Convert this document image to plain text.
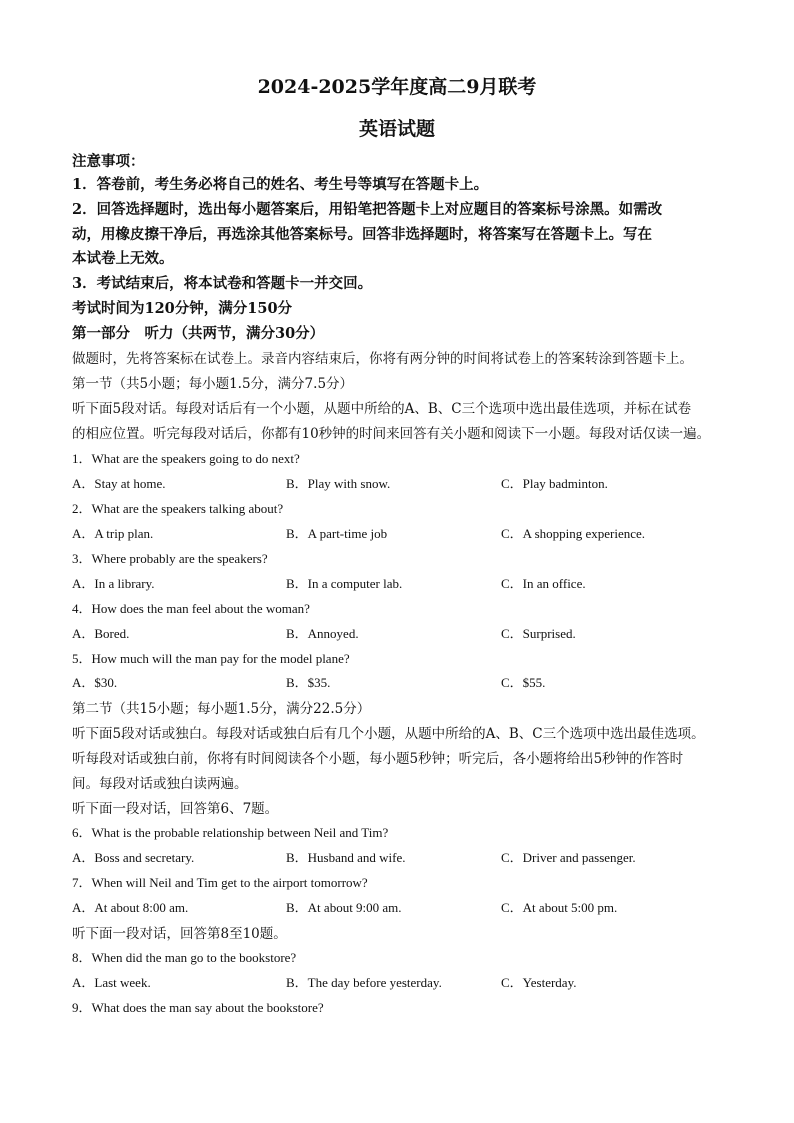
2024-2025学年度高二9月联考
英语试题
注意事项：
1．答卷前，考生务必将自己的姓名、考生号等填写在答题卡上。
2．回答选择题时，选出每小题答案后，用铅笔把答题卡上对应题目的答案标号涂黑。如需改
动，用橡皮擦干净后，再选涂其他答案标号。回答非选择题时，将答案写在答题卡上。写在
本试卷上无效。
3．考试结束后，将本试卷和答题卡一并交回。
考试时间为120分钟，满分150分
第一部分　听力（共两节，满分30分）
做题时，先将答案标在试卷上。录音内容结束后，你将有两分钟的时间将试卷上的答案转涂到答题卡上。
第一节（共5小题；每小题1.5分，满分7.5分）
听下面5段对话。每段对话后有一个小题，从题中所给的A、B、C三个选项中选出最佳选项，并标在试卷
的相应位置。听完每段对话后，你都有10秒钟的时间来回答有关小题和阅读下一小题。每段对话仅读一遍。
1．What are the speakers going to do next?
A．Stay at home.	B．Play with snow.	C．Play badminton.
2．What are the speakers talking about?
A．A trip plan.	B．A part-time job	C．A shopping experience.
3．Where probably are the speakers?
A．In a library.	B．In a computer lab.	C．In an office.
4．How does the man feel about the woman?
A．Bored.	B．Annoyed.	C．Surprised.
5．How much will the man pay for the model plane?
A．$30.	B．$35.	C．$55.
第二节（共15小题；每小题1.5分，满分22.5分）
听下面5段对话或独白。每段对话或独白后有几个小题，从题中所给的A、B、C三个选项中选出最佳选项。
听每段对话或独白前，你将有时间阅读各个小题，每小题5秒钟；听完后，各小题将给出5秒钟的作答时
间。每段对话或独白读两遍。
听下面一段对话，回答第6、7题。
6．What is the probable relationship between Neil and Tim?
A．Boss and secretary.	B．Husband and wife.	C．Driver and passenger.
7．When will Neil and Tim get to the airport tomorrow?
A．At about 8:00 am.	B．At about 9:00 am.	C．At about 5:00 pm.
听下面一段对话，回答第8至10题。
8．When did the man go to the bookstore?
A．Last week.	B．The day before yesterday.	C．Yesterday.
9．What does the man say about the bookstore?
